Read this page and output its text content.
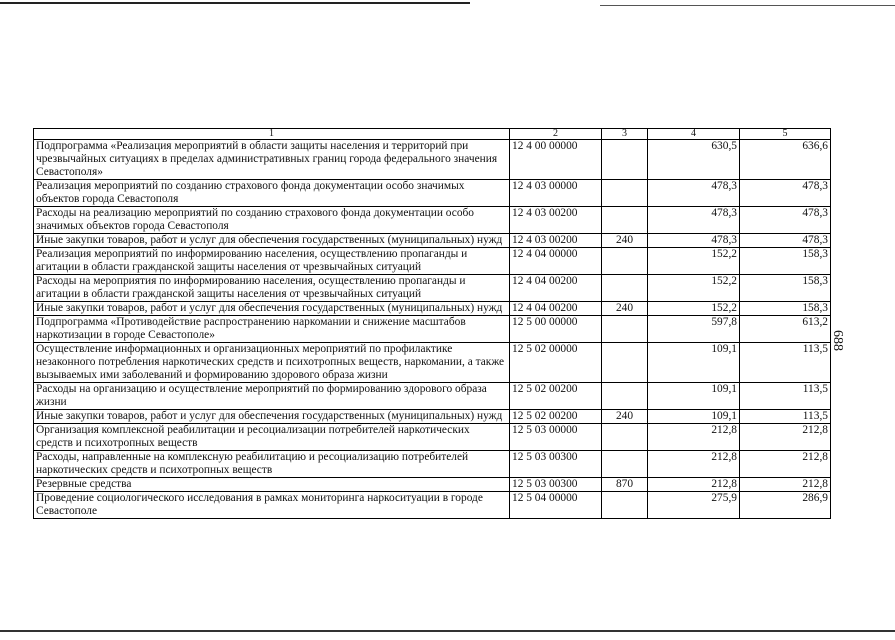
1	2	3	4	5
Подпрограмма «Реализация мероприятий в области защиты населения и территорий при чрезвычайных ситуациях в пределах административных границ города федерального значения Севастополя»	12 4 00 00000		630,5	636,6
Реализация мероприятий по созданию страхового фонда документации особо значимых объектов города Севастополя	12 4 03 00000		478,3	478,3
Расходы на реализацию мероприятий по созданию страхового фонда документации особо значимых объектов города Севастополя	12 4 03 00200		478,3	478,3
Иные закупки товаров, работ и услуг для обеспечения государственных (муниципальных) нужд	12 4 03 00200	240	478,3	478,3
Реализация мероприятий по информированию населения, осуществлению пропаганды и агитации в области гражданской защиты населения от чрезвычайных ситуаций	12 4 04 00000		152,2	158,3
Расходы на мероприятия по информированию населения, осуществлению пропаганды и агитации в области гражданской защиты населения от чрезвычайных ситуаций	12 4 04 00200		152,2	158,3
Иные закупки товаров, работ и услуг для обеспечения государственных (муниципальных) нужд	12 4 04 00200	240	152,2	158,3
Подпрограмма «Противодействие распространению наркомании и снижение масштабов наркотизации в городе Севастополе»	12 5 00 00000		597,8	613,2
Осуществление информационных и организационных мероприятий по профилактике незаконного потребления наркотических средств и психотропных веществ, наркомании, а также вызываемых ими заболеваний и формированию здорового образа жизни	12 5 02 00000		109,1	113,5
Расходы на организацию и осуществление мероприятий по формированию здорового образа жизни	12 5 02 00200		109,1	113,5
Иные закупки товаров, работ и услуг для обеспечения государственных (муниципальных) нужд	12 5 02 00200	240	109,1	113,5
Организация комплексной реабилитации и ресоциализации потребителей наркотических средств и психотропных веществ	12 5 03 00000		212,8	212,8
Расходы, направленные на комплексную реабилитацию и ресоциализацию потребителей наркотических средств и психотропных веществ	12 5 03 00300		212,8	212,8
Резервные средства	12 5 03 00300	870	212,8	212,8
Проведение социологического исследования в рамках мониторинга наркоситуации в городе Севастополе	12 5 04 00000		275,9	286,9
688
